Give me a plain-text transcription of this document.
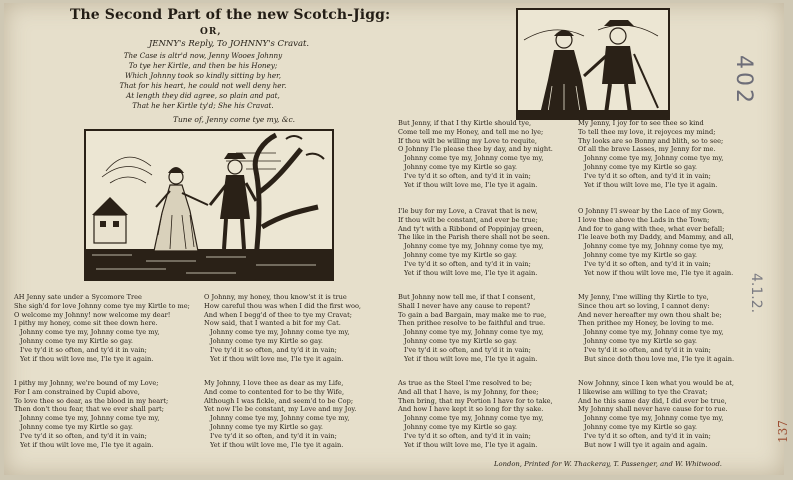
The Second Part of the new Scotch-Jigg:
OR,
JENNY's Reply, To JOHNNY's Cravat.
The Case is altr'd now, Jenny Wooes Johnny
To tye her Kirtle, and then be his Honey;
Which Johnny took so kindly sitting by her,
That for his heart, he could not well deny her.
At length they did agree, so plain and pat,
That he her Kirtle ty'd; She his Cravat.
Tune of, Jenny come tye my, &c.
AH Jenny sate under a Sycomore Tree
She sigh'd for love Johnny come tye my Kirtle to me;
O welcome my Johnny! now welcome my dear!
I pithy my honey, come sit thee down here.
Johnny come tye my, Johnny come tye my,
Johnny come tye my Kirtle so gay.
I've ty'd it so often, and ty'd it in vain;
Yet if thou wilt love me, I'le tye it again.
I pithy my Johnny, we're bound of my Love;
For I am constrained by Cupid above,
To love thee so dear, as the blood in my heart;
Then don't thou fear, that we ever shall part;
Johnny come tye my, Johnny come tye my,
Johnny come tye my Kirtle so gay.
I've ty'd it so often, and ty'd it in vain;
Yet if thou wilt love me, I'le tye it again.
O Johnny, my honey, thou know'st it is true
How careful thou was when I did the first woo,
And when I begg'd of thee to tye my Cravat;
Now said, that I wanted a bit for my Cat.
Johnny come tye my, Johnny come tye my,
Johnny come tye my Kirtle so gay.
I've ty'd it so often, and ty'd it in vain;
Yet if thou wilt love me, I'le tye it again.
My Johnny, I love thee as dear as my Life,
And come to contented for to be thy Wife,
Although I was fickle, and seem'd to be Cop;
Yet now I'le be constant, my Love and my Joy.
Johnny come tye my, Johnny come tye my,
Johnny come tye my Kirtle so gay.
I've ty'd it so often, and ty'd it in vain;
Yet if thou wilt love me, I'le tye it again.
But Jenny, if that I thy Kirtle should tye,
Come tell me my Honey, and tell me no lye;
If thou wilt be willing my Love to requite,
O Johnny I'le please thee by day, and by night.
Johnny come tye my, Johnny come tye my,
Johnny come tye my Kirtle so gay.
I've ty'd it so often, and ty'd it in vain;
Yet if thou wilt love me, I'le tye it again.
I'le buy for my Love, a Cravat that is new,
If thou wilt be constant, and ever be true;
And ty't with a Ribbond of Poppinjay green,
The like in the Parish there shall not be seen.
Johnny come tye my, Johnny come tye my,
Johnny come tye my Kirtle so gay.
I've ty'd it so often, and ty'd it in vain;
Yet if thou wilt love me, I'le tye it again.
But Johnny now tell me, if that I consent,
Shall I never have any cause to repent?
To gain a bad Bargain, may make me to rue,
Then prithee resolve to be faithful and true.
Johnny come tye my, Johnny come tye my,
Johnny come tye my Kirtle so gay.
I've ty'd it so often, and ty'd it in vain;
Yet if thou wilt love me, I'le tye it again.
As true as the Steel I'me resolved to be;
And all that I have, is my Johnny, for thee;
Then bring, that my Portion I have for to take,
And how I have kept it so long for thy sake.
Johnny come tye my, Johnny come tye my,
Johnny come tye my Kirtle so gay.
I've ty'd it so often, and ty'd it in vain;
Yet if thou wilt love me, I'le tye it again.
My Jenny, I joy for to see thee so kind
To tell thee my love, it rejoyces my mind;
Thy looks are so Bonny and blith, so to see;
Of all the brave Lasses, my Jenny for me.
Johnny come tye my, Johnny come tye my,
Johnny come tye my Kirtle so gay.
I've ty'd it so often, and ty'd it in vain;
Yet if thou wilt love me, I'le tye it again.
O Johnny I'l swear by the Lace of my Gown,
I love thee above the Lads in the Town;
And for to gang with thee, what ever befall;
I'le leave both my Daddy, and Mammy, and all,
Johnny come tye my, Johnny come tye my,
Johnny come tye my Kirtle so gay.
I've ty'd it so often, and ty'd it in vain;
Yet now if thou wilt love me, I'le tye it again.
My Jenny, I'me willing thy Kirtle to tye,
Since thou art so loving, I cannot deny:
And never hereafter my own thou shalt be;
Then prithee my Honey, be loving to me.
Johnny come tye my, Johnny come tye my,
Johnny come tye my Kirtle so gay.
I've ty'd it so often, and ty'd it in vain;
But since doth thou love me, I'le tye it again.
Now Johnny, since I ken what you would be at,
I likewise am willing to tye the Cravat;
And he this same day did, I did ever be true,
My Johnny shall never have cause for to rue.
Johnny come tye my, Johnny come tye my,
Johnny come tye my Kirtle so gay.
I've ty'd it so often, and ty'd it in vain;
But now I will tye it again and again.
London, Printed for W. Thackeray, T. Passenger, and W. Whitwood.
402
4.1.2.
137
